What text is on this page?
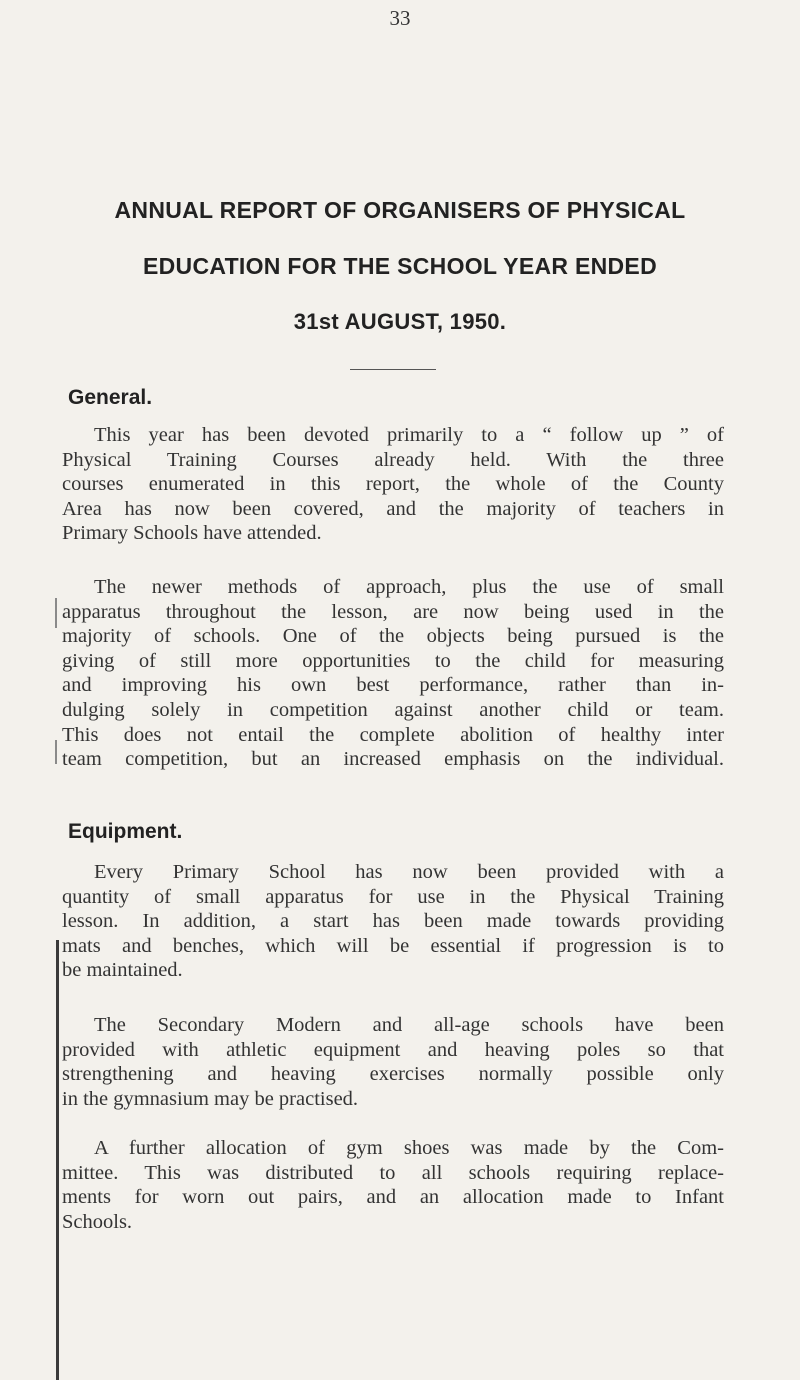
33
ANNUAL REPORT OF ORGANISERS OF PHYSICAL
EDUCATION FOR THE SCHOOL YEAR ENDED
31st AUGUST, 1950.
General.
This year has been devoted primarily to a “ follow up ” of
Physical Training Courses already held. With the three
courses enumerated in this report, the whole of the County
Area has now been covered, and the majority of teachers in
Primary Schools have attended.
The newer methods of approach, plus the use of small
apparatus throughout the lesson, are now being used in the
majority of schools. One of the objects being pursued is the
giving of still more opportunities to the child for measuring
and improving his own best performance, rather than in-
dulging solely in competition against another child or team.
This does not entail the complete abolition of healthy inter
team competition, but an increased emphasis on the individual.
Equipment.
Every Primary School has now been provided with a
quantity of small apparatus for use in the Physical Training
lesson. In addition, a start has been made towards providing
mats and benches, which will be essential if progression is to
be maintained.
The Secondary Modern and all-age schools have been
provided with athletic equipment and heaving poles so that
strengthening and heaving exercises normally possible only
in the gymnasium may be practised.
A further allocation of gym shoes was made by the Com-
mittee. This was distributed to all schools requiring replace-
ments for worn out pairs, and an allocation made to Infant
Schools.
